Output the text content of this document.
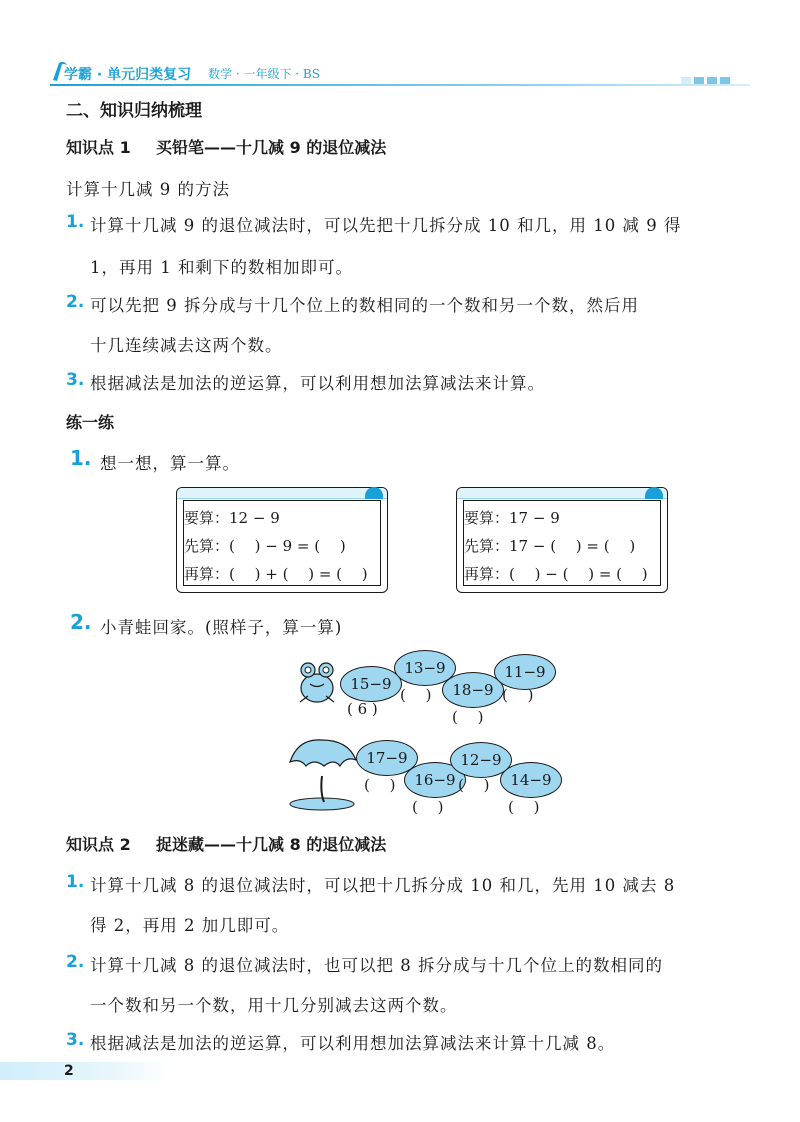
学霸 · 单元归类复习 数学 · 一年级下 · BS
二、知识归纳梳理
知识点 1 买铅笔——十几减 9 的退位减法
计算十几减 9 的方法
1. 计算十几减 9 的退位减法时，可以先把十几拆分成 10 和几，用 10 减 9 得
1，再用 1 和剩下的数相加即可。
2. 可以先把 9 拆分成与十几个位上的数相同的一个数和另一个数，然后用
十几连续减去这两个数。
3. 根据减法是加法的逆运算，可以利用想加法算减法来计算。
练一练
1. 想一想，算一算。
要算：12 − 9
先算：(　 ) − 9 = (　 )
再算：(　 ) + (　 ) = (　 )
要算：17 − 9
先算：17 − (　 ) = (　 )
再算：(　 ) − (　 ) = (　 )
2. 小青蛙回家。(照样子，算一算)
15−9
( 6 )
13−9
(　 )	18−9
(　 )
11−9
(　 )
17−9
(　 )	16−9
(　 )
12−9
(　 )	14−9
(　 )
知识点 2 捉迷藏——十几减 8 的退位减法
1. 计算十几减 8 的退位减法时，可以把十几拆分成 10 和几，先用 10 减去 8
得 2，再用 2 加几即可。
2. 计算十几减 8 的退位减法时，也可以把 8 拆分成与十几个位上的数相同的
一个数和另一个数，用十几分别减去这两个数。
3. 根据减法是加法的逆运算，可以利用想加法算减法来计算十几减 8。
2
